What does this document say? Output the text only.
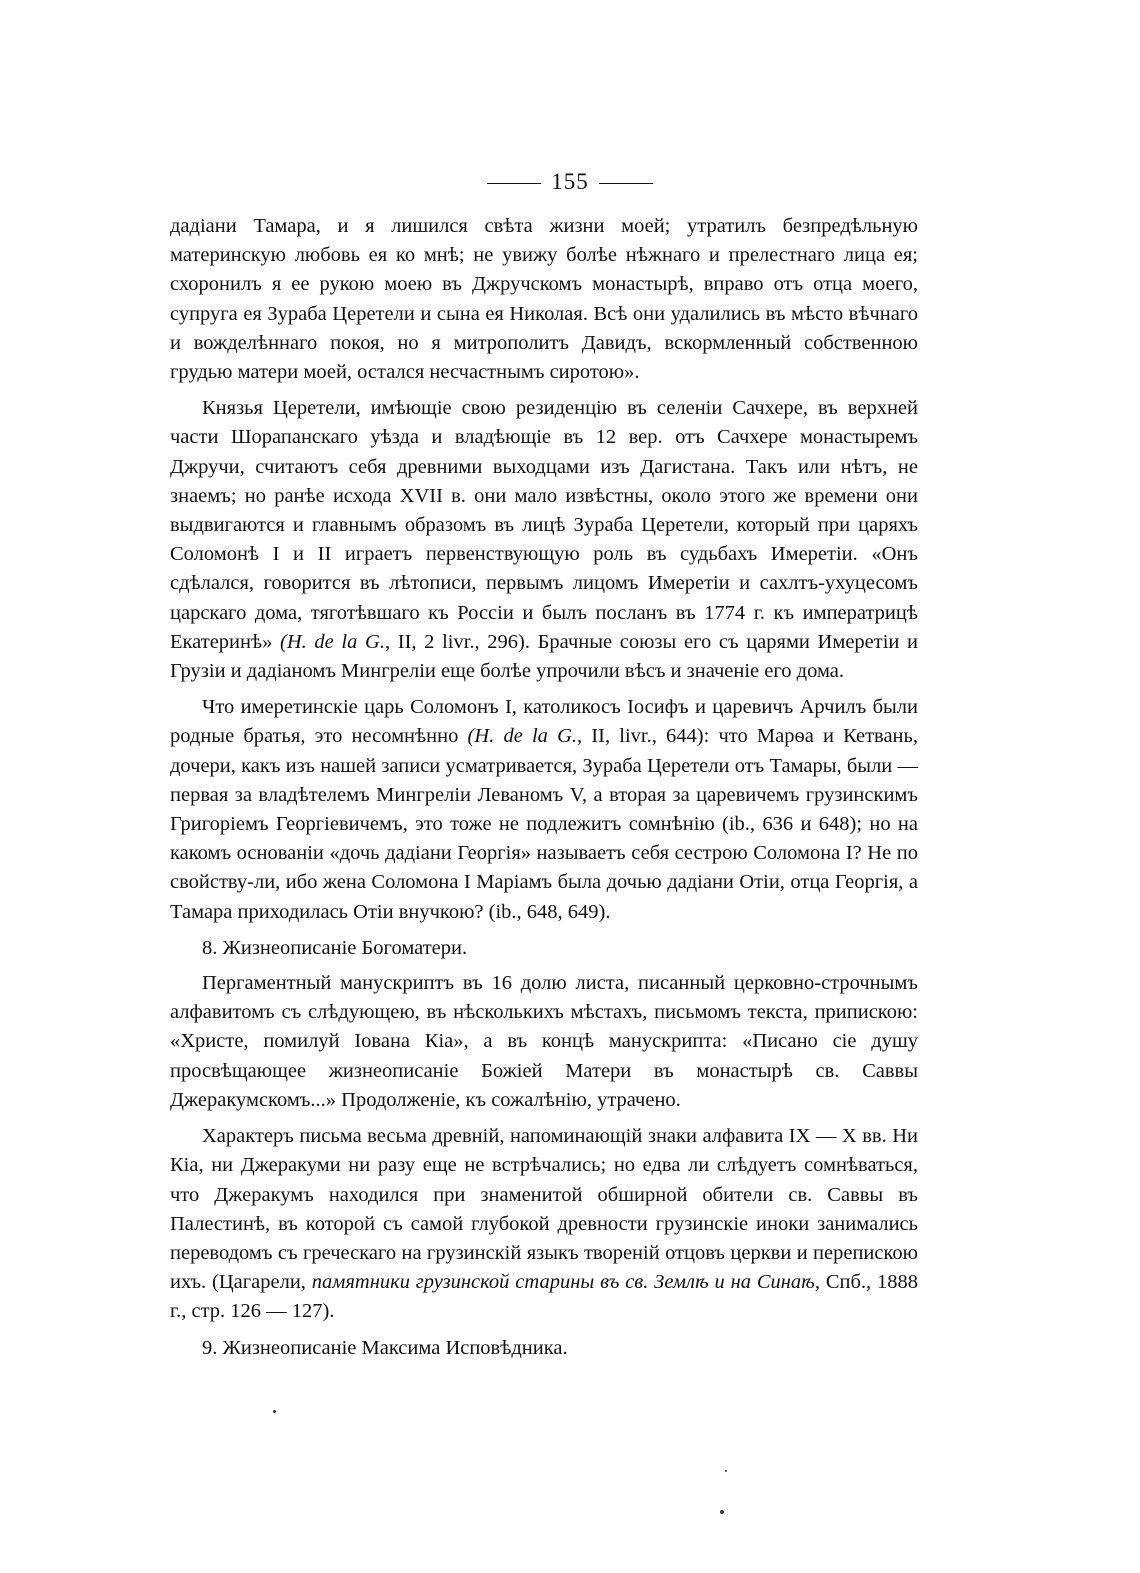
155

дадіани Тамара, и я лишился свѣта жизни моей; утратилъ безпредѣльную материнскую любовь ея ко мнѣ; не увижу болѣе нѣжнаго и прелестнаго лица ея; схоронилъ я ее рукою моею въ Джручскомъ монастырѣ, вправо отъ отца моего, супруга ея Зураба Церетели и сына ея Николая. Всѣ они удалились въ мѣсто вѣчнаго и вожделѣннаго покоя, но я митрополитъ Давидъ, вскормленный собственною грудью матери моей, остался несчастнымъ сиротою».

Князья Церетели, имѣющіе свою резиденцію въ селеніи Сачхере, въ верхней части Шорапанскаго уѣзда и владѣющіе въ 12 вер. отъ Сачхере монастыремъ Джручи, считаютъ себя древними выходцами изъ Дагистана. Такъ или нѣтъ, не знаемъ; но ранѣе исхода XVII в. они мало извѣстны, около этого же времени они выдвигаются и главнымъ образомъ въ лицѣ Зураба Церетели, который при царяхъ Соломонѣ I и II играетъ первенствующую роль въ судьбахъ Имеретіи. «Онъ сдѣлался, говорится въ лѣтописи, первымъ лицомъ Имеретіи и сахлтъ-ухуцесомъ царскаго дома, тяготѣвшаго къ Россіи и былъ посланъ въ 1774 г. къ императрицѣ Екатеринѣ» (H. de la G., II, 2 livr., 296). Брачные союзы его съ царями Имеретіи и Грузіи и дадіаномъ Мингреліи еще болѣе упрочили вѣсъ и значеніе его дома.

Что имеретинскіе царь Соломонъ I, католикосъ Іосифъ и царевичъ Арчилъ были родные братья, это несомнѣнно (H. de la G., II, livr., 644): что Марѳа и Кетвань, дочери, какъ изъ нашей записи усматривается, Зураба Церетели отъ Тамары, были — первая за владѣтелемъ Мингреліи Леваномъ V, а вторая за царевичемъ грузинскимъ Григоріемъ Георгіевичемъ, это тоже не подлежитъ сомнѣнію (ib., 636 и 648); но на какомъ основаніи «дочь дадіани Георгія» называетъ себя сестрою Соломона I? Не по свойству-ли, ибо жена Соломона I Маріамъ была дочью дадіани Отіи, отца Георгія, а Тамара приходилась Отіи внучкою? (ib., 648, 649).

8. Жизнеописаніе Богоматери.

Пергаментный манускриптъ въ 16 долю листа, писанный церковно-строчнымъ алфавитомъ съ слѣдующею, въ нѣсколькихъ мѣстахъ, письмомъ текста, припискою: «Христе, помилуй Іована Кіа», а въ концѣ манускрипта: «Писано сіе душу просвѣщающее жизнеописаніе Божіей Матери въ монастырѣ св. Саввы Джеракумскомъ...» Продолженіе, къ сожалѣнію, утрачено.

Характеръ письма весьма древній, напоминающій знаки алфавита IX — X вв. Ни Кіа, ни Джеракуми ни разу еще не встрѣчались; но едва ли слѣдуетъ сомнѣваться, что Джеракумъ находился при знаменитой обширной обители св. Саввы въ Палестинѣ, въ которой съ самой глубокой древности грузинскіе иноки занимались переводомъ съ греческаго на грузинскій языкъ твореній отцовъ церкви и перепискою ихъ. (Цагарели, памятники грузинской старины въ св. Землѣ и на Синаѣ, Спб., 1888 г., стр. 126 — 127).

9. Жизнеописаніе Максима Исповѣдника.
